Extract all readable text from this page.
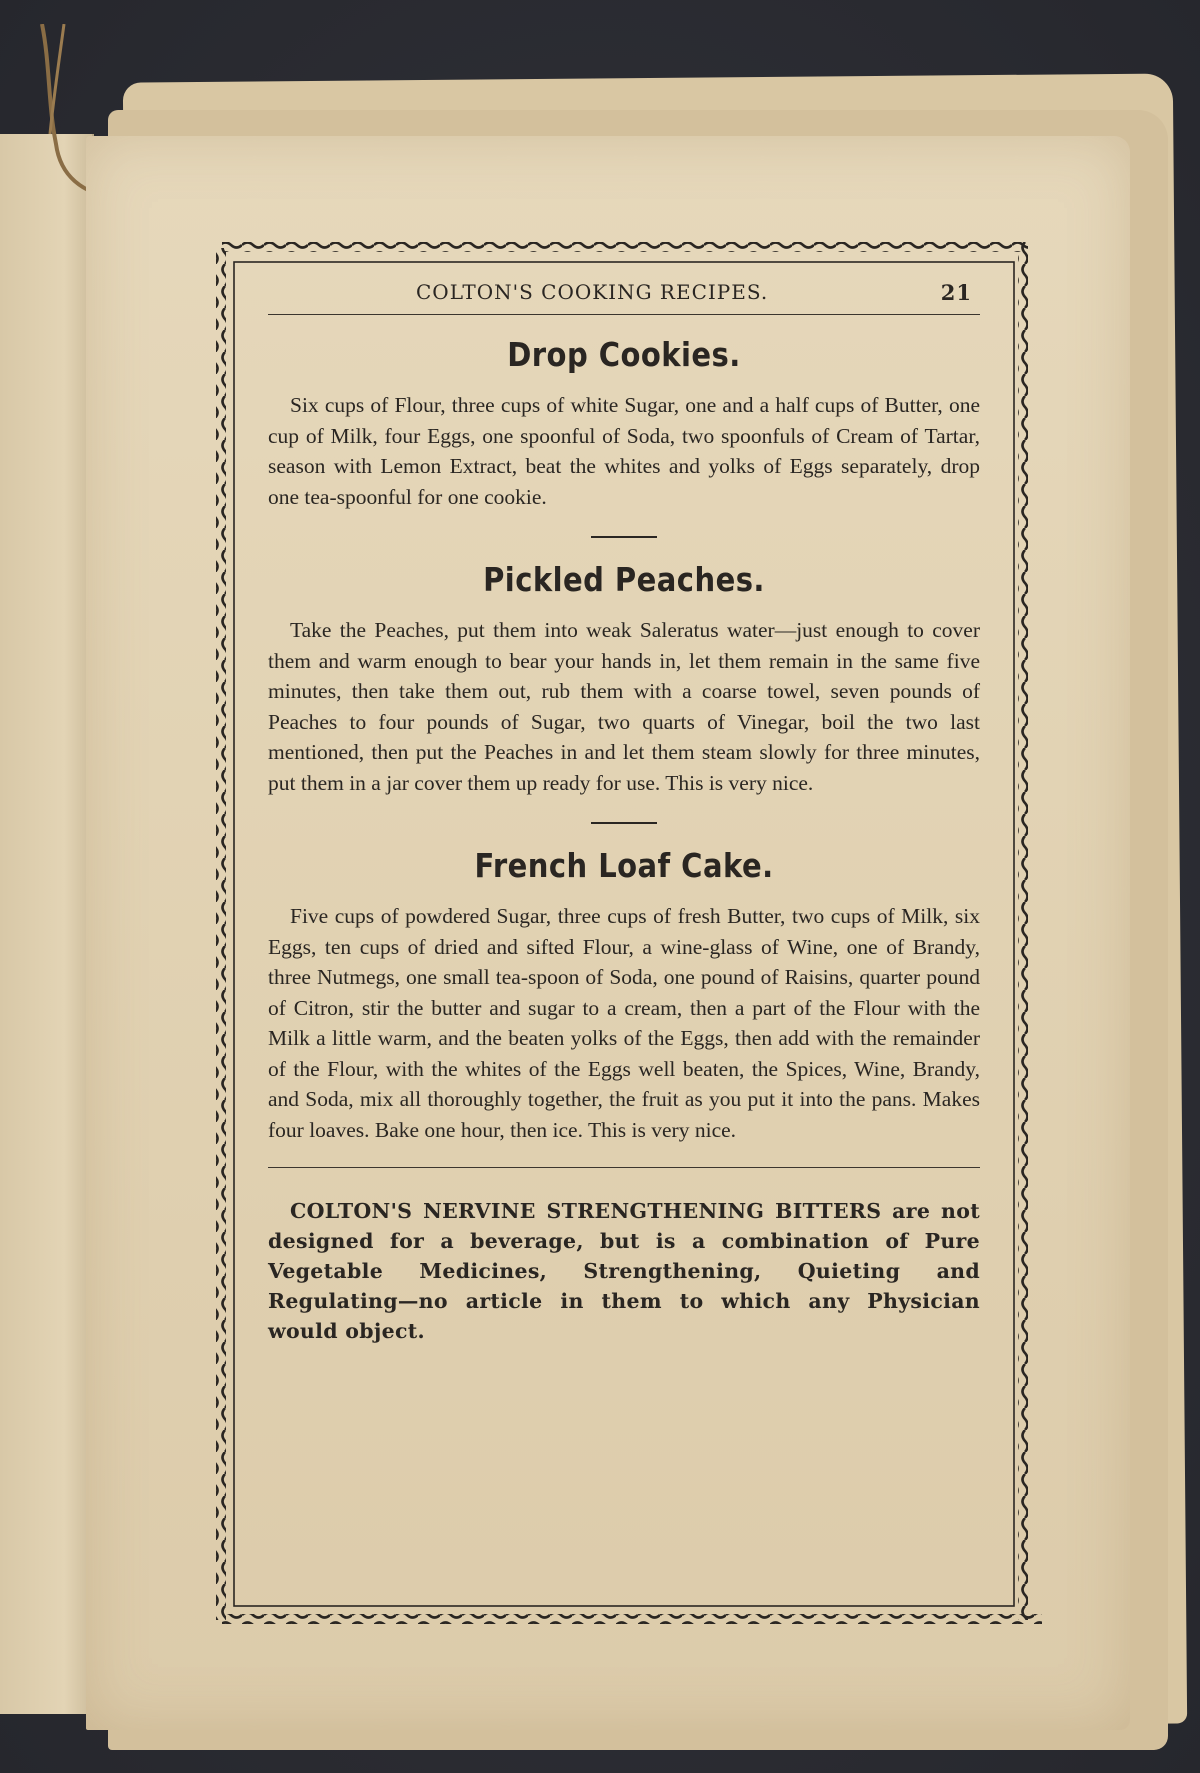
COLTON'S COOKING RECIPES.	21
Drop Cookies.

Six cups of Flour, three cups of white Sugar, one and a half cups of Butter, one cup of Milk, four Eggs, one spoonful of Soda, two spoonfuls of Cream of Tartar, season with Lemon Extract, beat the whites and yolks of Eggs separately, drop one tea-spoonful for one cookie.

Pickled Peaches.

Take the Peaches, put them into weak Saleratus water—just enough to cover them and warm enough to bear your hands in, let them remain in the same five minutes, then take them out, rub them with a coarse towel, seven pounds of Peaches to four pounds of Sugar, two quarts of Vinegar, boil the two last mentioned, then put the Peaches in and let them steam slowly for three minutes, put them in a jar cover them up ready for use. This is very nice.

French Loaf Cake.

Five cups of powdered Sugar, three cups of fresh Butter, two cups of Milk, six Eggs, ten cups of dried and sifted Flour, a wine-glass of Wine, one of Brandy, three Nutmegs, one small tea-spoon of Soda, one pound of Raisins, quarter pound of Citron, stir the butter and sugar to a cream, then a part of the Flour with the Milk a little warm, and the beaten yolks of the Eggs, then add with the remainder of the Flour, with the whites of the Eggs well beaten, the Spices, Wine, Brandy, and Soda, mix all thoroughly together, the fruit as you put it into the pans. Makes four loaves. Bake one hour, then ice. This is very nice.

COLTON'S NERVINE STRENGTHENING BITTERS are not designed for a beverage, but is a combination of Pure Vegetable Medicines, Strengthening, Quieting and Regulating—no article in them to which any Physician would object.
